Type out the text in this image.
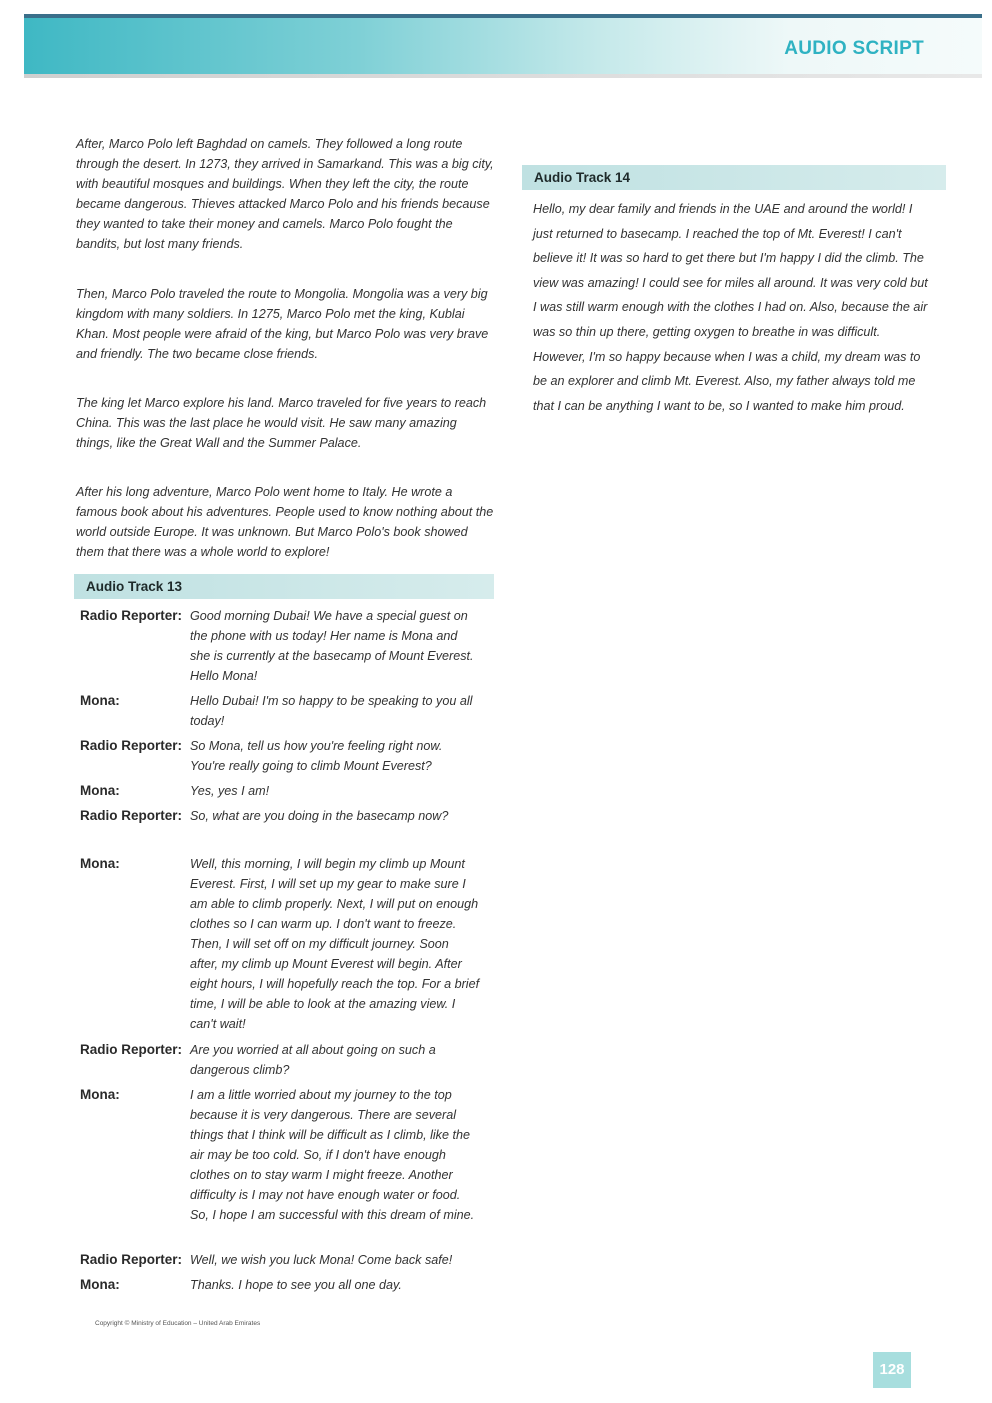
AUDIO SCRIPT

After, Marco Polo left Baghdad on camels. They followed a long route through the desert. In 1273, they arrived in Samarkand. This was a big city, with beautiful mosques and buildings. When they left the city, the route became dangerous. Thieves attacked Marco Polo and his friends because they wanted to take their money and camels. Marco Polo fought the bandits, but lost many friends.

Then, Marco Polo traveled the route to Mongolia. Mongolia was a very big kingdom with many soldiers. In 1275, Marco Polo met the king, Kublai Khan. Most people were afraid of the king, but Marco Polo was very brave and friendly. The two became close friends.

The king let Marco explore his land. Marco traveled for five years to reach China. This was the last place he would visit. He saw many amazing things, like the Great Wall and the Summer Palace.

After his long adventure, Marco Polo went home to Italy. He wrote a famous book about his adventures. People used to know nothing about the world outside Europe. It was unknown. But Marco Polo's book showed them that there was a whole world to explore!

Audio Track 13
Radio Reporter: Good morning Dubai! We have a special guest on the phone with us today! Her name is Mona and she is currently at the basecamp of Mount Everest. Hello Mona!
Mona:	Hello Dubai! I'm so happy to be speaking to you all today!
Radio Reporter: So Mona, tell us how you're feeling right now. You're really going to climb Mount Everest?
Mona:	Yes, yes I am!
Radio Reporter: So, what are you doing in the basecamp now?
Mona:	Well, this morning, I will begin my climb up Mount Everest. First, I will set up my gear to make sure I am able to climb properly. Next, I will put on enough clothes so I can warm up. I don't want to freeze. Then, I will set off on my difficult journey. Soon after, my climb up Mount Everest will begin. After eight hours, I will hopefully reach the top. For a brief time, I will be able to look at the amazing view. I can't wait!
Radio Reporter: Are you worried at all about going on such a dangerous climb?
Mona:	I am a little worried about my journey to the top because it is very dangerous. There are several things that I think will be difficult as I climb, like the air may be too cold. So, if I don't have enough clothes on to stay warm I might freeze. Another difficulty is I may not have enough water or food. So, I hope I am successful with this dream of mine.
Radio Reporter: Well, we wish you luck Mona! Come back safe!
Mona:	Thanks. I hope to see you all one day.
Audio Track 14

Hello, my dear family and friends in the UAE and around the world! I just returned to basecamp. I reached the top of Mt. Everest! I can't believe it! It was so hard to get there but I'm happy I did the climb. The view was amazing! I could see for miles all around. It was very cold but I was still warm enough with the clothes I had on. Also, because the air was so thin up there, getting oxygen to breathe in was difficult. However, I'm so happy because when I was a child, my dream was to be an explorer and climb Mt. Everest. Also, my father always told me that I can be anything I want to be, so I wanted to make him proud.

Copyright © Ministry of Education – United Arab Emirates
128
